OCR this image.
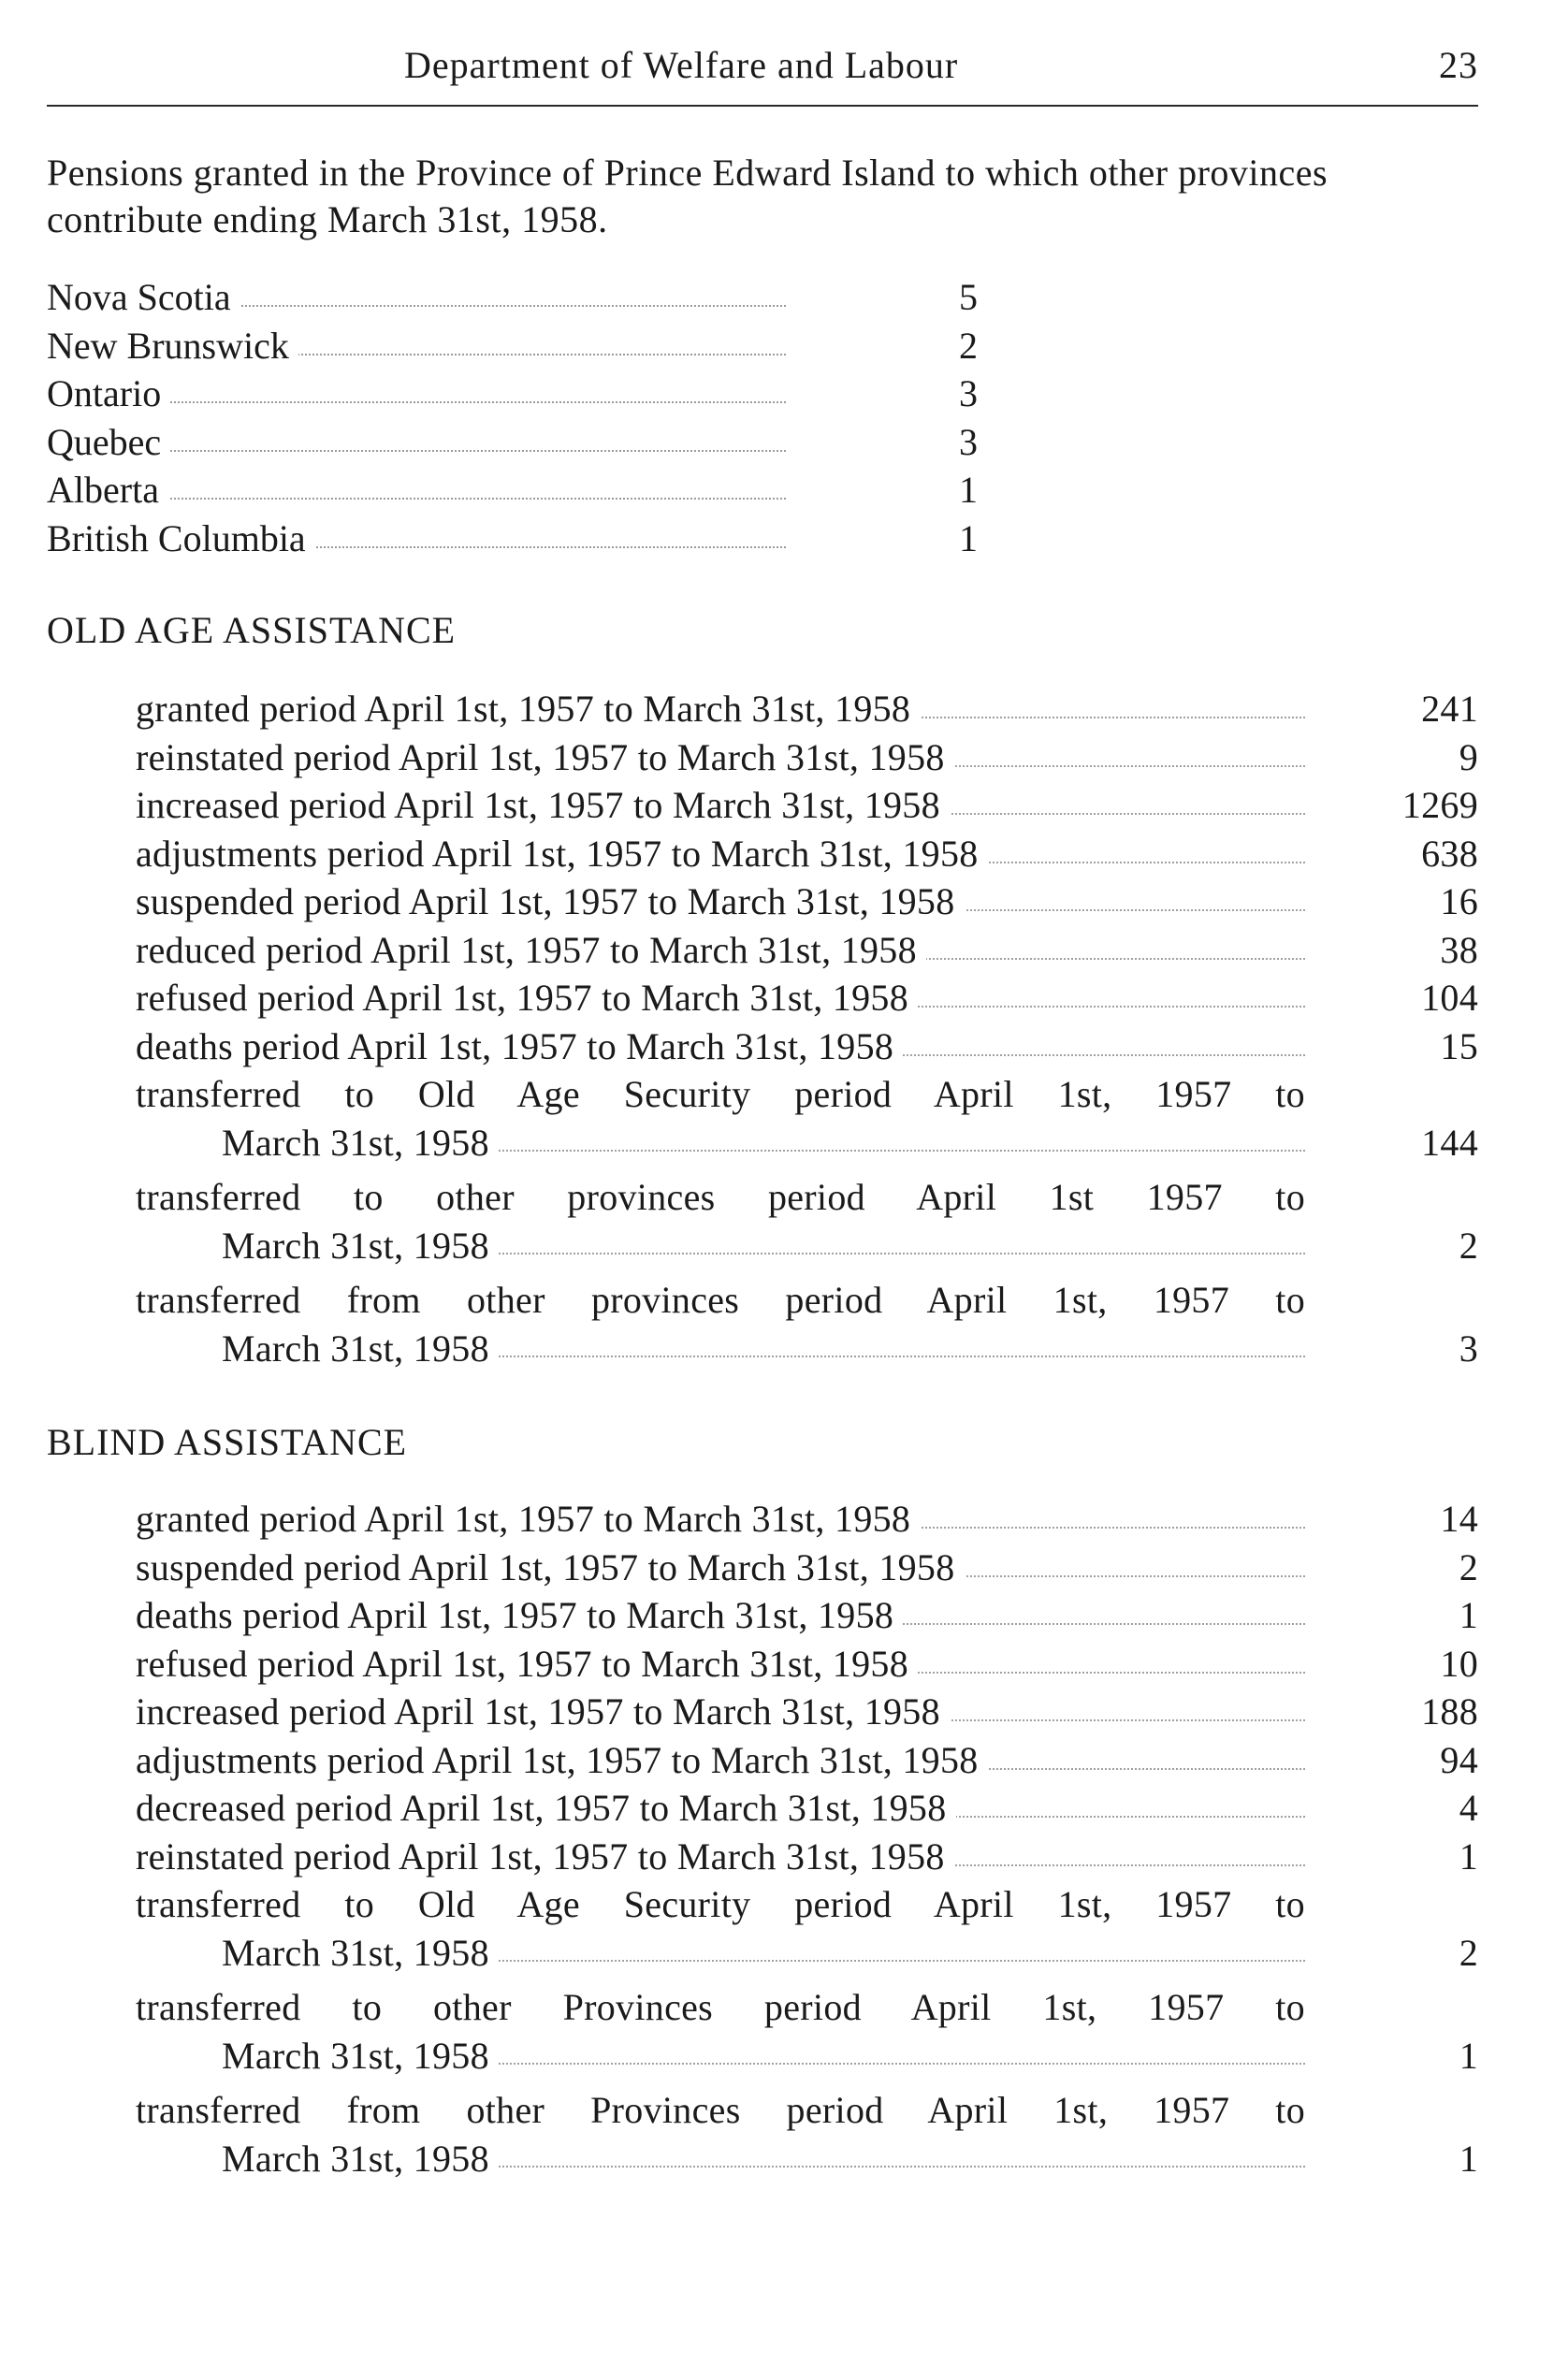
Department of Welfare and Labour	23
Pensions granted in the Province of Prince Edward Island to which other provinces contribute ending March 31st, 1958.
Nova Scotia	5
New Brunswick	2
Ontario	3
Quebec	3
Alberta	1
British Columbia	1
OLD AGE ASSISTANCE
granted period April 1st, 1957 to March 31st, 1958	241
reinstated period April 1st, 1957 to March 31st, 1958	9
increased period April 1st, 1957 to March 31st, 1958	1269
adjustments period April 1st, 1957 to March 31st, 1958	638
suspended period April 1st, 1957 to March 31st, 1958	16
reduced period April 1st, 1957 to March 31st, 1958	38
refused period April 1st, 1957 to March 31st, 1958	104
deaths period April 1st, 1957 to March 31st, 1958	15
transferred to Old Age Security period April 1st, 1957 to
March 31st, 1958	144
transferred to other provinces period April 1st 1957 to
March 31st, 1958	2
transferred from other provinces period April 1st, 1957 to
March 31st, 1958	3
BLIND ASSISTANCE
granted period April 1st, 1957 to March 31st, 1958	14
suspended period April 1st, 1957 to March 31st, 1958	2
deaths period April 1st, 1957 to March 31st, 1958	1
refused period April 1st, 1957 to March 31st, 1958	10
increased period April 1st, 1957 to March 31st, 1958	188
adjustments period April 1st, 1957 to March 31st, 1958	94
decreased period April 1st, 1957 to March 31st, 1958	4
reinstated period April 1st, 1957 to March 31st, 1958	1
transferred to Old Age Security period April 1st, 1957 to
March 31st, 1958	2
transferred to other Provinces period April 1st, 1957 to
March 31st, 1958	1
transferred from other Provinces period April 1st, 1957 to
March 31st, 1958	1
